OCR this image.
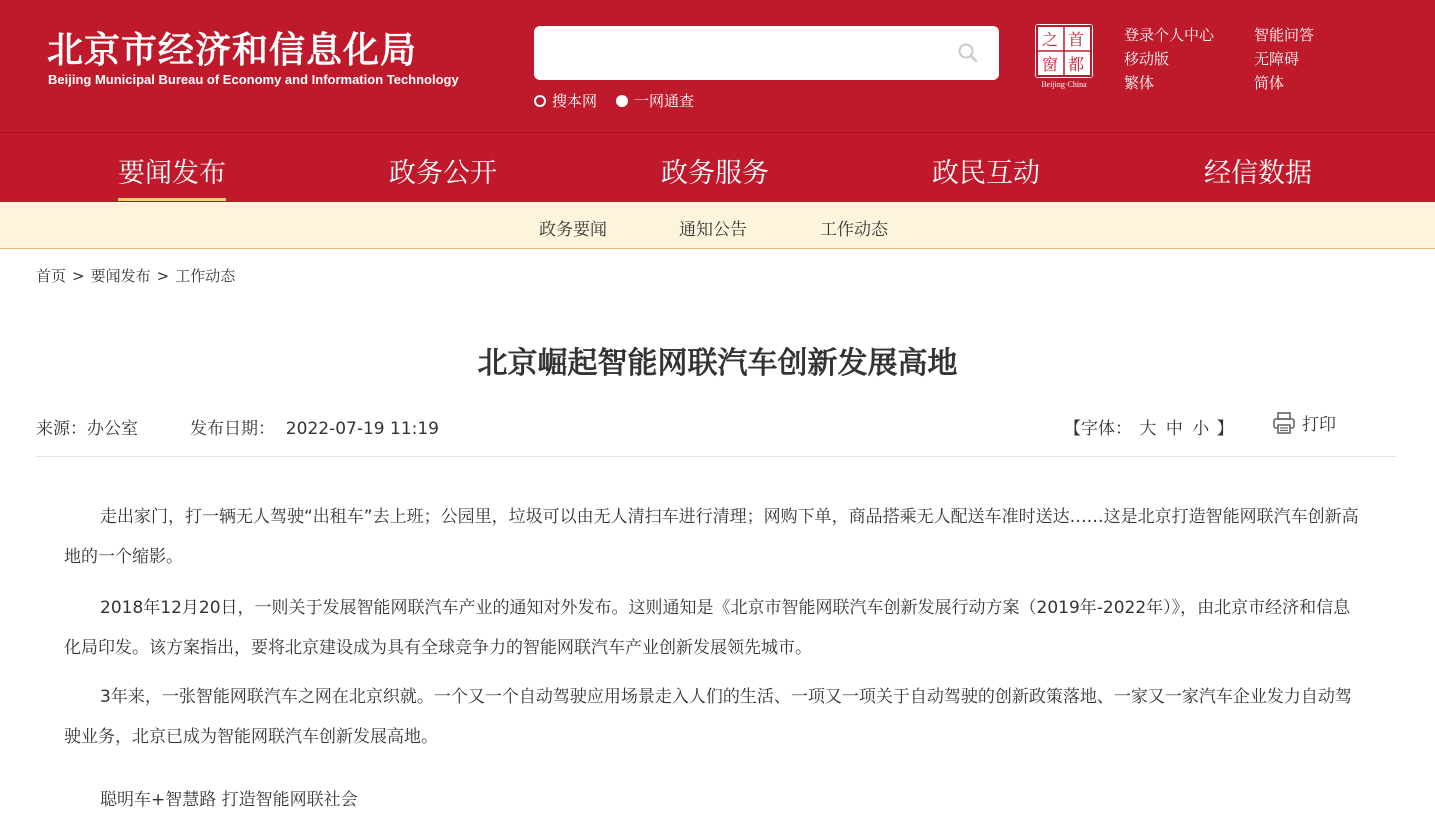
北京市经济和信息化局
Beijing Municipal Bureau of Economy and Information Technology
搜本网 一网通查
首
都
之
窗
Beijing·China
登录个人中心	智能问答
移动版	无障碍
繁体	简体
要闻发布	政务公开	政务服务	政民互动	经信数据
政务要闻	通知公告	工作动态
首页 > 要闻发布 > 工作动态
北京崛起智能网联汽车创新发展高地
来源：办公室	发布日期：  2022-07-19 11:19	【字体： 大 中 小 】	打印

走出家门，打一辆无人驾驶“出租车”去上班；公园里，垃圾可以由无人清扫车进行清理；网购下单，商品搭乘无人配送车准时送达……这是北京打造智能网联汽车创新高地的一个缩影。

2018年12月20日，一则关于发展智能网联汽车产业的通知对外发布。这则通知是《北京市智能网联汽车创新发展行动方案（2019年-2022年）》，由北京市经济和信息化局印发。该方案指出，要将北京建设成为具有全球竞争力的智能网联汽车产业创新发展领先城市。

3年来，一张智能网联汽车之网在北京织就。一个又一个自动驾驶应用场景走入人们的生活、一项又一项关于自动驾驶的创新政策落地、一家又一家汽车企业发力自动驾驶业务，北京已成为智能网联汽车创新发展高地。

聪明车+智慧路 打造智能网联社会
